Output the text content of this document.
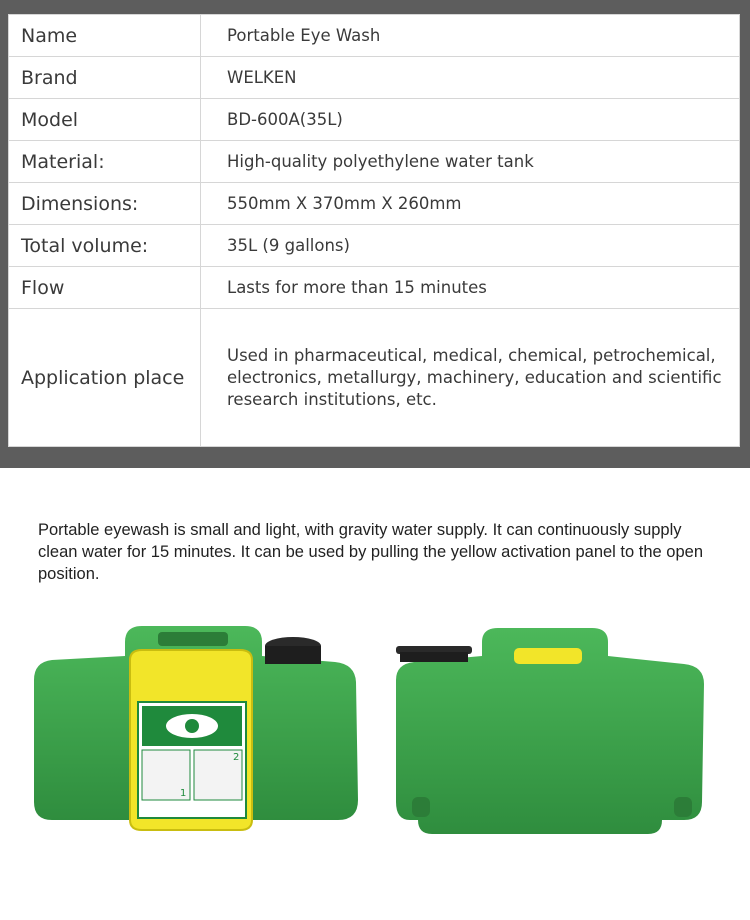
Name	Portable Eye Wash
Brand	WELKEN
Model	BD-600A(35L)
Material:	High-quality polyethylene water tank
Dimensions:	550mm X 370mm X 260mm
Total volume:	35L (9 gallons)
Flow	Lasts for more than 15 minutes
Application place	Used in pharmaceutical, medical, chemical, petrochemical, electronics, metallurgy, machinery, education and scientific research institutions, etc.

Portable eyewash is small and light, with gravity water supply. It can continuously supply clean water for 15 minutes. It can be used by pulling the yellow activation panel to the open position.

1
2
